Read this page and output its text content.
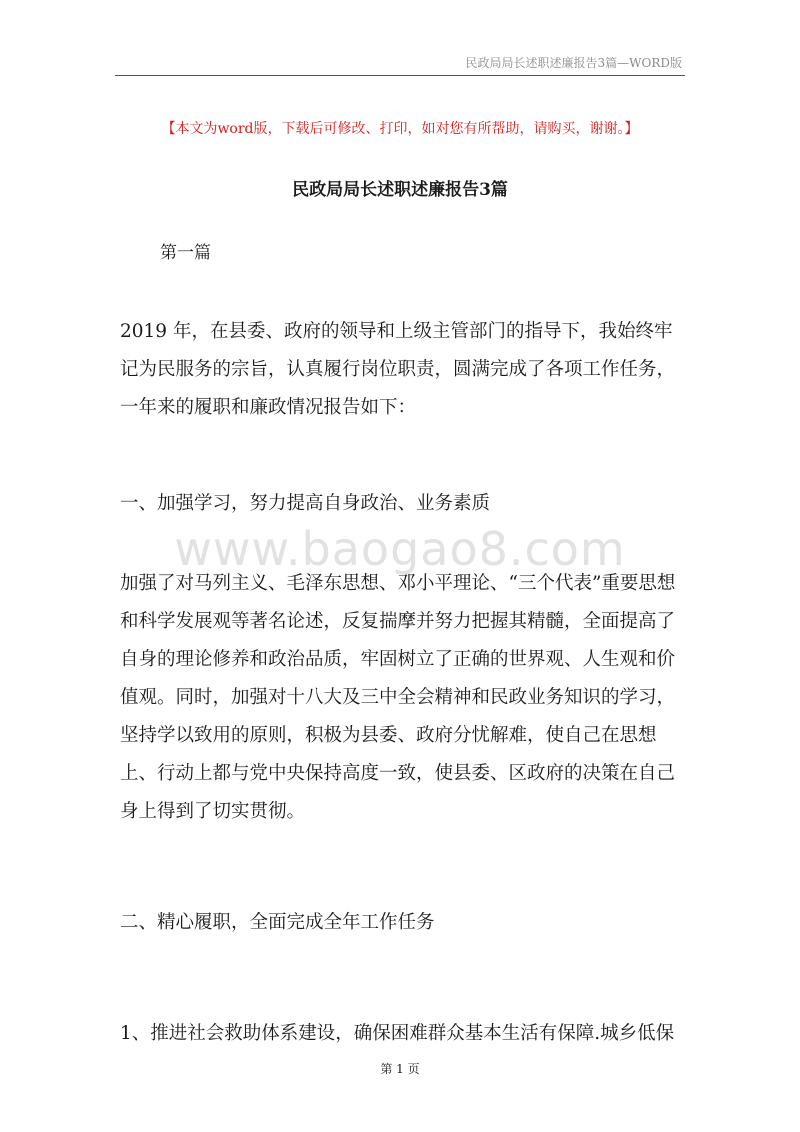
民政局局长述职述廉报告3篇—WORD版
【本文为word版，下载后可修改、打印，如对您有所帮助，请购买，谢谢。】
民政局局长述职述廉报告3篇
第一篇
2019 年，在县委、政府的领导和上级主管部门的指导下，我始终牢记为民服务的宗旨，认真履行岗位职责，圆满完成了各项工作任务，一年来的履职和廉政情况报告如下：
一、加强学习，努力提高自身政治、业务素质
www.baogao8.com
加强了对马列主义、毛泽东思想、邓小平理论、“三个代表”重要思想和科学发展观等著名论述，反复揣摩并努力把握其精髓，全面提高了自身的理论修养和政治品质，牢固树立了正确的世界观、人生观和价值观。同时，加强对十八大及三中全会精神和民政业务知识的学习，坚持学以致用的原则，积极为县委、政府分忧解难，使自己在思想上、行动上都与党中央保持高度一致，使县委、区政府的决策在自己身上得到了切实贯彻。
二、精心履职，全面完成全年工作任务
1、推进社会救助体系建设，确保困难群众基本生活有保障.城乡低保
第 1 页
